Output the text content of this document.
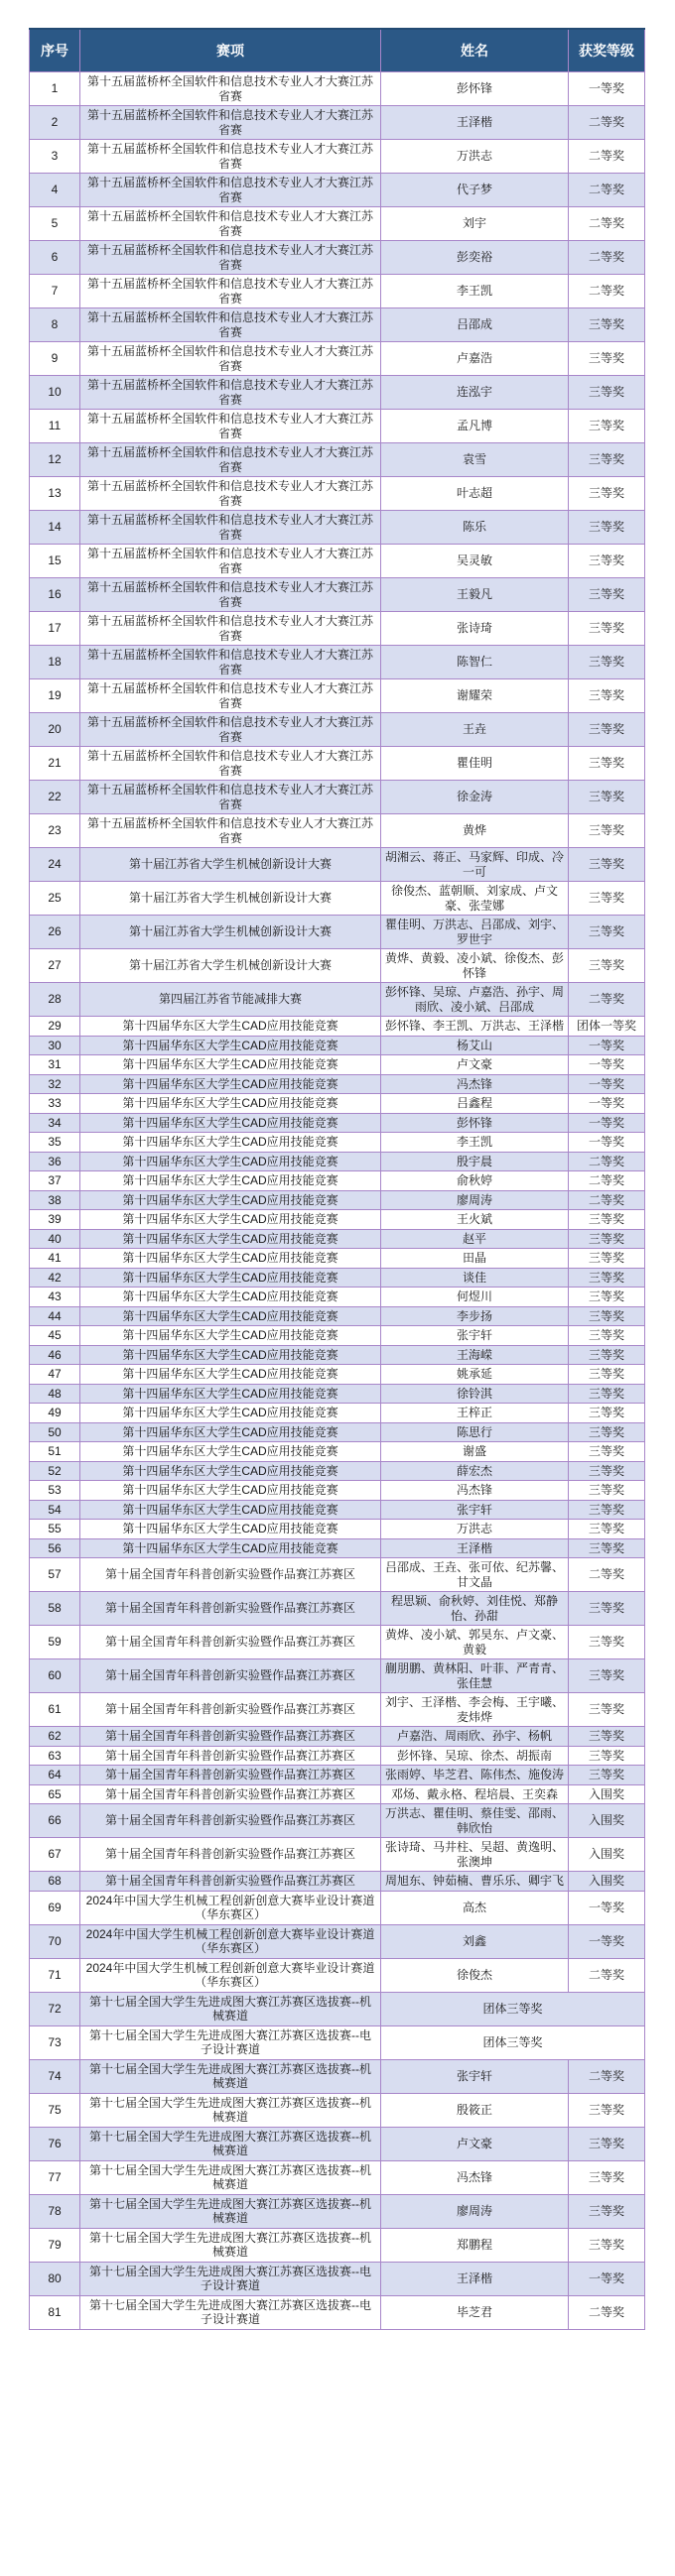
序号	赛项	姓名	获奖等级
1	第十五届蓝桥杯全国软件和信息技术专业人才大赛江苏省赛	彭怀锋	一等奖
2	第十五届蓝桥杯全国软件和信息技术专业人才大赛江苏省赛	王泽楷	二等奖
3	第十五届蓝桥杯全国软件和信息技术专业人才大赛江苏省赛	万洪志	二等奖
4	第十五届蓝桥杯全国软件和信息技术专业人才大赛江苏省赛	代子梦	二等奖
5	第十五届蓝桥杯全国软件和信息技术专业人才大赛江苏省赛	刘宇	二等奖
6	第十五届蓝桥杯全国软件和信息技术专业人才大赛江苏省赛	彭奕裕	二等奖
7	第十五届蓝桥杯全国软件和信息技术专业人才大赛江苏省赛	李王凯	二等奖
8	第十五届蓝桥杯全国软件和信息技术专业人才大赛江苏省赛	吕邵成	三等奖
9	第十五届蓝桥杯全国软件和信息技术专业人才大赛江苏省赛	卢嘉浩	三等奖
10	第十五届蓝桥杯全国软件和信息技术专业人才大赛江苏省赛	连泓宇	三等奖
11	第十五届蓝桥杯全国软件和信息技术专业人才大赛江苏省赛	孟凡博	三等奖
12	第十五届蓝桥杯全国软件和信息技术专业人才大赛江苏省赛	袁雪	三等奖
13	第十五届蓝桥杯全国软件和信息技术专业人才大赛江苏省赛	叶志超	三等奖
14	第十五届蓝桥杯全国软件和信息技术专业人才大赛江苏省赛	陈乐	三等奖
15	第十五届蓝桥杯全国软件和信息技术专业人才大赛江苏省赛	吴灵敏	三等奖
16	第十五届蓝桥杯全国软件和信息技术专业人才大赛江苏省赛	王毅凡	三等奖
17	第十五届蓝桥杯全国软件和信息技术专业人才大赛江苏省赛	张诗琦	三等奖
18	第十五届蓝桥杯全国软件和信息技术专业人才大赛江苏省赛	陈智仁	三等奖
19	第十五届蓝桥杯全国软件和信息技术专业人才大赛江苏省赛	谢耀荣	三等奖
20	第十五届蓝桥杯全国软件和信息技术专业人才大赛江苏省赛	王垚	三等奖
21	第十五届蓝桥杯全国软件和信息技术专业人才大赛江苏省赛	瞿佳明	三等奖
22	第十五届蓝桥杯全国软件和信息技术专业人才大赛江苏省赛	徐金涛	三等奖
23	第十五届蓝桥杯全国软件和信息技术专业人才大赛江苏省赛	黄烨	三等奖
24	第十届江苏省大学生机械创新设计大赛	胡湘云、蒋正、马家辉、印成、冷一可	三等奖
25	第十届江苏省大学生机械创新设计大赛	徐俊杰、蓝朝顺、刘家成、卢文豪、张莹娜	三等奖
26	第十届江苏省大学生机械创新设计大赛	瞿佳明、万洪志、吕邵成、刘宇、罗世宇	三等奖
27	第十届江苏省大学生机械创新设计大赛	黄烨、黄毅、凌小斌、徐俊杰、彭怀锋	三等奖
28	第四届江苏省节能减排大赛	彭怀锋、吴琼、卢嘉浩、孙宇、周雨欣、凌小斌、吕邵成	二等奖
29	第十四届华东区大学生CAD应用技能竞赛	彭怀锋、李王凯、万洪志、王泽楷	团体一等奖
30	第十四届华东区大学生CAD应用技能竞赛	杨艾山	一等奖
31	第十四届华东区大学生CAD应用技能竞赛	卢文豪	一等奖
32	第十四届华东区大学生CAD应用技能竞赛	冯杰锋	一等奖
33	第十四届华东区大学生CAD应用技能竞赛	吕鑫程	一等奖
34	第十四届华东区大学生CAD应用技能竞赛	彭怀锋	一等奖
35	第十四届华东区大学生CAD应用技能竞赛	李王凯	一等奖
36	第十四届华东区大学生CAD应用技能竞赛	殷宇晨	二等奖
37	第十四届华东区大学生CAD应用技能竞赛	俞秋婷	二等奖
38	第十四届华东区大学生CAD应用技能竞赛	廖周涛	二等奖
39	第十四届华东区大学生CAD应用技能竞赛	王火斌	三等奖
40	第十四届华东区大学生CAD应用技能竞赛	赵平	三等奖
41	第十四届华东区大学生CAD应用技能竞赛	田晶	三等奖
42	第十四届华东区大学生CAD应用技能竞赛	谈佳	三等奖
43	第十四届华东区大学生CAD应用技能竞赛	何煜川	三等奖
44	第十四届华东区大学生CAD应用技能竞赛	李步扬	三等奖
45	第十四届华东区大学生CAD应用技能竞赛	张宇轩	三等奖
46	第十四届华东区大学生CAD应用技能竞赛	王海嵘	三等奖
47	第十四届华东区大学生CAD应用技能竞赛	姚承延	三等奖
48	第十四届华东区大学生CAD应用技能竞赛	徐铃淇	三等奖
49	第十四届华东区大学生CAD应用技能竞赛	王梓正	三等奖
50	第十四届华东区大学生CAD应用技能竞赛	陈思行	三等奖
51	第十四届华东区大学生CAD应用技能竞赛	谢盛	三等奖
52	第十四届华东区大学生CAD应用技能竞赛	薛宏杰	三等奖
53	第十四届华东区大学生CAD应用技能竞赛	冯杰锋	三等奖
54	第十四届华东区大学生CAD应用技能竞赛	张宇轩	三等奖
55	第十四届华东区大学生CAD应用技能竞赛	万洪志	三等奖
56	第十四届华东区大学生CAD应用技能竞赛	王泽楷	三等奖
57	第十届全国青年科普创新实验暨作品赛江苏赛区	吕邵成、王垚、张可依、纪苏馨、甘文晶	二等奖
58	第十届全国青年科普创新实验暨作品赛江苏赛区	程思颖、俞秋婷、刘佳悦、郑静怡、孙甜	三等奖
59	第十届全国青年科普创新实验暨作品赛江苏赛区	黄烨、凌小斌、郭昊东、卢文豪、黄毅	三等奖
60	第十届全国青年科普创新实验暨作品赛江苏赛区	蒯朋鹏、黄林阳、叶菲、严青青、张佳慧	三等奖
61	第十届全国青年科普创新实验暨作品赛江苏赛区	刘宇、王泽楷、李会梅、王宇曦、麦炜烨	三等奖
62	第十届全国青年科普创新实验暨作品赛江苏赛区	卢嘉浩、周雨欣、孙宇、杨帆	三等奖
63	第十届全国青年科普创新实验暨作品赛江苏赛区	彭怀锋、吴琼、徐杰、胡振南	三等奖
64	第十届全国青年科普创新实验暨作品赛江苏赛区	张雨婷、毕芝君、陈伟杰、施俊涛	三等奖
65	第十届全国青年科普创新实验暨作品赛江苏赛区	邓炀、戴永格、程培晨、王奕森	入围奖
66	第十届全国青年科普创新实验暨作品赛江苏赛区	万洪志、瞿佳明、蔡佳雯、邵雨、韩欣怡	入围奖
67	第十届全国青年科普创新实验暨作品赛江苏赛区	张诗琦、马井柱、吴超、黄逸明、张澳坤	入围奖
68	第十届全国青年科普创新实验暨作品赛江苏赛区	周旭东、钟茹楠、曹乐乐、卿宇飞	入围奖
69	2024年中国大学生机械工程创新创意大赛毕业设计赛道（华东赛区）	高杰	一等奖
70	2024年中国大学生机械工程创新创意大赛毕业设计赛道（华东赛区）	刘鑫	一等奖
71	2024年中国大学生机械工程创新创意大赛毕业设计赛道（华东赛区）	徐俊杰	二等奖
72	第十七届全国大学生先进成图大赛江苏赛区选拔赛--机械赛道	团体三等奖	
73	第十七届全国大学生先进成图大赛江苏赛区选拔赛--电子设计赛道	团体三等奖	
74	第十七届全国大学生先进成图大赛江苏赛区选拔赛--机械赛道	张宇轩	二等奖
75	第十七届全国大学生先进成图大赛江苏赛区选拔赛--机械赛道	殷筱正	三等奖
76	第十七届全国大学生先进成图大赛江苏赛区选拔赛--机械赛道	卢文豪	三等奖
77	第十七届全国大学生先进成图大赛江苏赛区选拔赛--机械赛道	冯杰锋	三等奖
78	第十七届全国大学生先进成图大赛江苏赛区选拔赛--机械赛道	廖周涛	三等奖
79	第十七届全国大学生先进成图大赛江苏赛区选拔赛--机械赛道	郑鹏程	三等奖
80	第十七届全国大学生先进成图大赛江苏赛区选拔赛--电子设计赛道	王泽楷	一等奖
81	第十七届全国大学生先进成图大赛江苏赛区选拔赛--电子设计赛道	毕芝君	二等奖
